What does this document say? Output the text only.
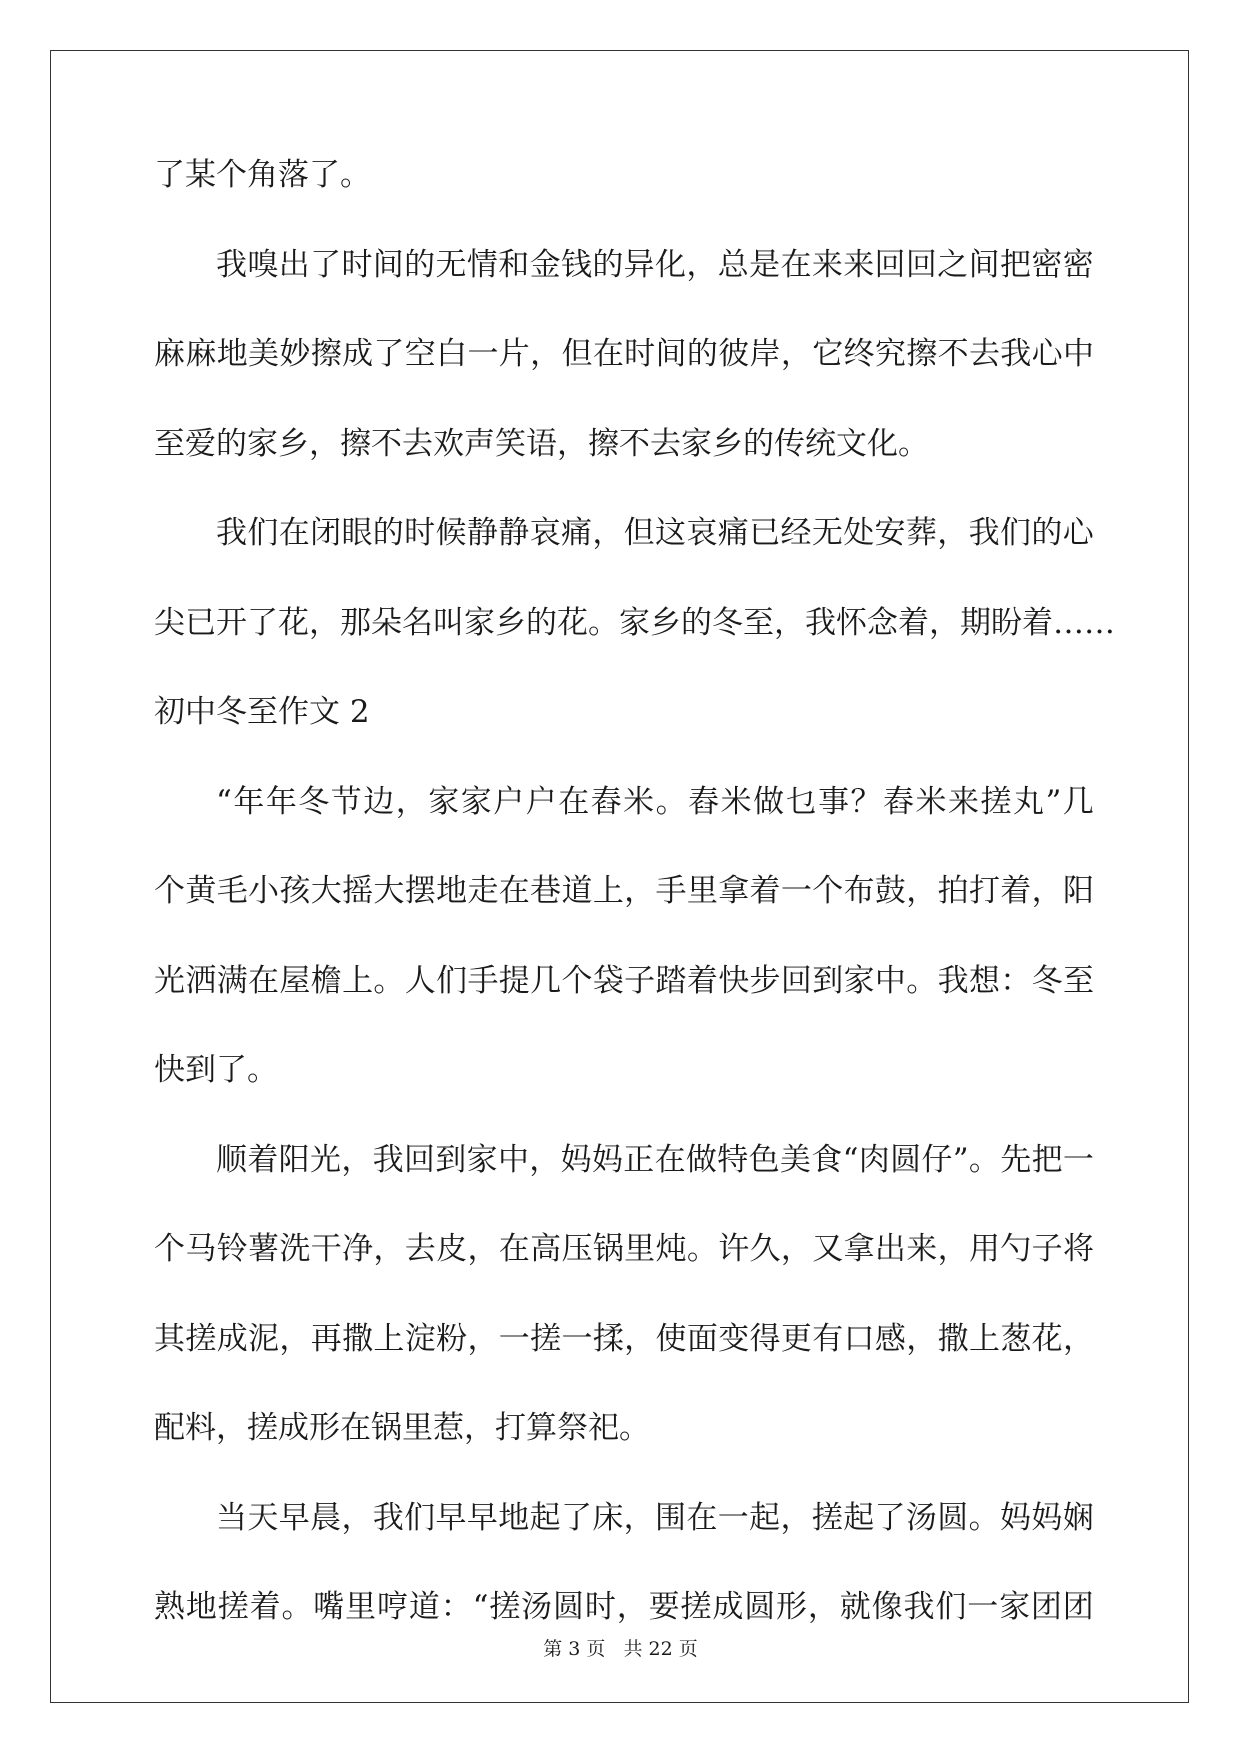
了某个角落了。
我 嗅 出 了 时 间 的 无 情 和 金 钱 的 异 化 ， 总 是 在 来 来 回 回 之 间 把 密 密
麻 麻 地 美 妙 擦 成 了 空 白 一 片 ， 但 在 时 间 的 彼 岸 ， 它 终 究 擦 不 去 我 心 中
至爱的家乡，擦不去欢声笑语，擦不去家乡的传统文化。
我 们 在 闭 眼 的 时 候 静 静 哀 痛 ， 但 这 哀 痛 已 经 无 处 安 葬 ， 我 们 的 心
尖 已 开 了 花 ， 那 朵 名 叫 家 乡 的 花 。 家 乡 的 冬 至 ， 我 怀 念 着 ， 期 盼 着 … …
初中冬至作文 2
“ 年 年 冬 节 边 ， 家 家 户 户 在 舂 米 。 舂 米 做 乜 事 ？ 舂 米 来 搓 丸 ” 几
个 黄 毛 小 孩 大 摇 大 摆 地 走 在 巷 道 上 ， 手 里 拿 着 一 个 布 鼓 ， 拍 打 着 ， 阳
光 洒 满 在 屋 檐 上 。 人 们 手 提 几 个 袋 子 踏 着 快 步 回 到 家 中 。 我 想 ： 冬 至
快到了。
顺 着 阳 光 ， 我 回 到 家 中 ， 妈 妈 正 在 做 特 色 美 食 “ 肉 圆 仔 ” 。 先 把 一
个 马 铃 薯 洗 干 净 ， 去 皮 ， 在 高 压 锅 里 炖 。 许 久 ， 又 拿 出 来 ， 用 勺 子 将
其 搓 成 泥 ， 再 撒 上 淀 粉 ， 一 搓 一 揉 ， 使 面 变 得 更 有 口 感 ， 撒 上 葱 花 ，
配料，搓成形在锅里惹，打算祭祀。
当 天 早 晨 ， 我 们 早 早 地 起 了 床 ， 围 在 一 起 ， 搓 起 了 汤 圆 。 妈 妈 娴
熟 地 搓 着 。 嘴 里 哼 道 ： “ 搓 汤 圆 时 ， 要 搓 成 圆 形 ， 就 像 我 们 一 家 团 团
第 3 页 共 22 页
